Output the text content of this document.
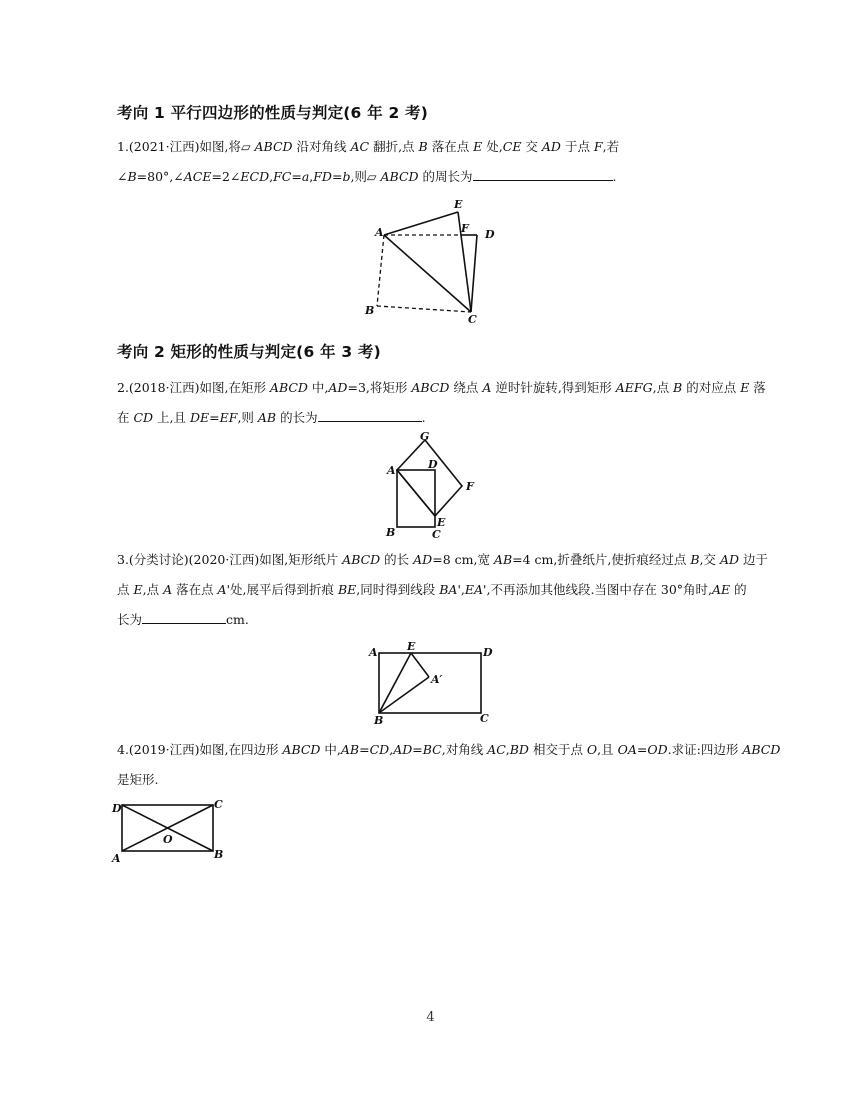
考向 1 平行四边形的性质与判定(6 年 2 考)
1.(2021·江西)如图,将▱ ABCD 沿对角线 AC 翻折,点 B 落在点 E 处,CE 交 AD 于点 F,若
∠B=80°,∠ACE=2∠ECD,FC=a,FD=b,则▱ ABCD 的周长为	.
A
B
C
D
E
F
考向 2 矩形的性质与判定(6 年 3 考)
2.(2018·江西)如图,在矩形 ABCD 中,AD=3,将矩形 ABCD 绕点 A 逆时针旋转,得到矩形 AEFG,点 B 的对应点 E 落
在 CD 上,且 DE=EF,则 AB 的长为	.
A
B	C
D
E
F
G
3.(分类讨论)(2020·江西)如图,矩形纸片 ABCD 的长 AD=8 cm,宽 AB=4 cm,折叠纸片,使折痕经过点 B,交 AD 边于
点 E,点 A 落在点 A'处,展平后得到折痕 BE,同时得到线段 BA',EA',不再添加其他线段.当图中存在 30°角时,AE 的
长为	cm.
A
B	C
D
E
A′
4.(2019·江西)如图,在四边形 ABCD 中,AB=CD,AD=BC,对角线 AC,BD 相交于点 O,且 OA=OD.求证:四边形 ABCD
是矩形.
A	B
C
D
O
4
